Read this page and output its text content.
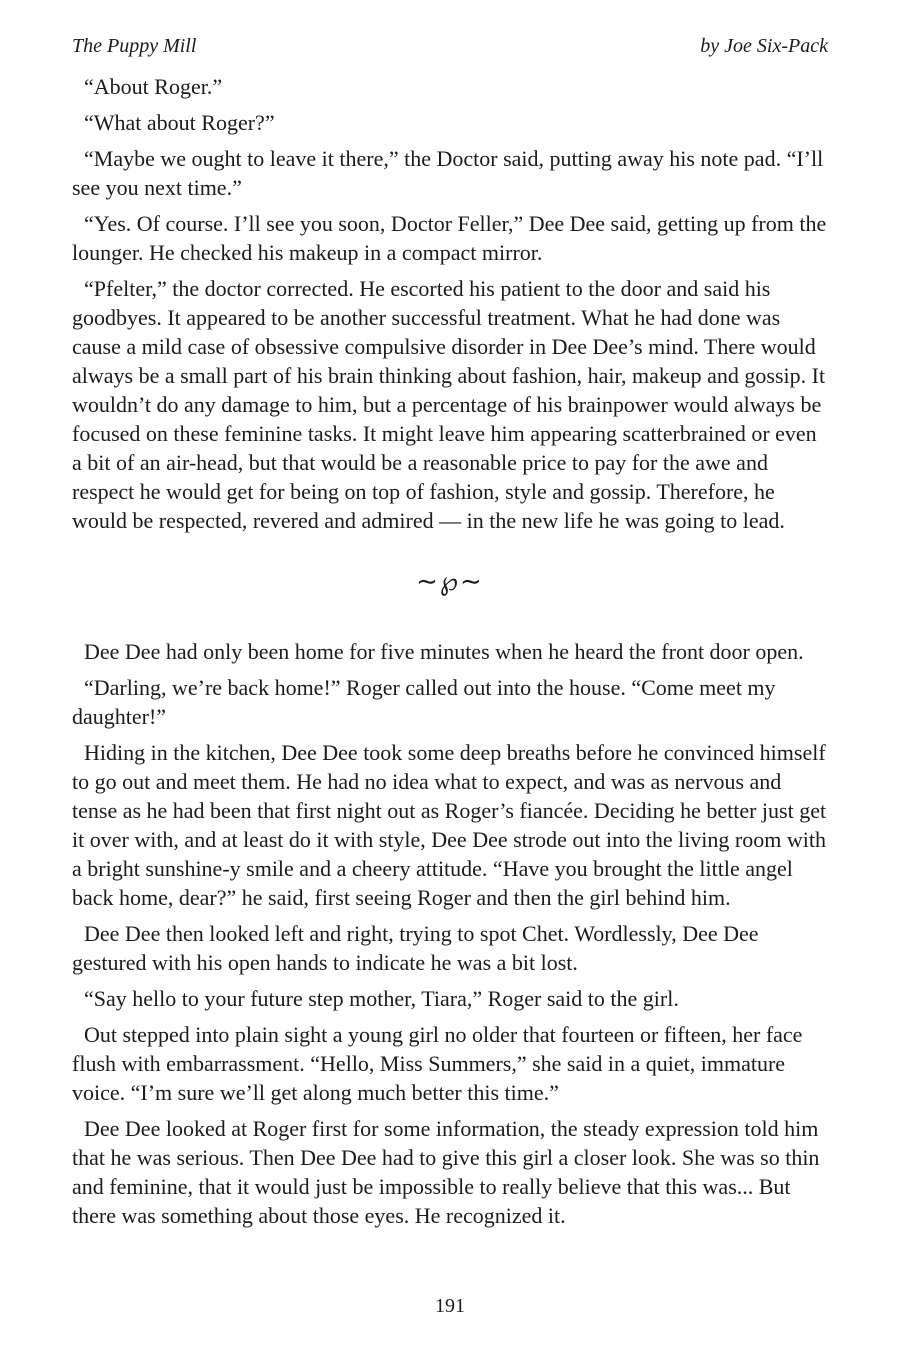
The Puppy Mill	by Joe Six-Pack

“About Roger.”

“What about Roger?”

“Maybe we ought to leave it there,” the Doctor said, putting away his note pad. “I’ll see you next time.”

“Yes. Of course. I’ll see you soon, Doctor Feller,” Dee Dee said, getting up from the lounger. He checked his makeup in a compact mirror.

“Pfelter,” the doctor corrected. He escorted his patient to the door and said his goodbyes. It appeared to be another successful treatment. What he had done was cause a mild case of obsessive compulsive disorder in Dee Dee’s mind. There would always be a small part of his brain thinking about fashion, hair, makeup and gossip. It wouldn’t do any damage to him, but a percentage of his brainpower would always be focused on these feminine tasks. It might leave him appearing scatterbrained or even a bit of an air-head, but that would be a reasonable price to pay for the awe and respect he would get for being on top of fashion, style and gossip. Therefore, he would be respected, revered and admired — in the new life he was going to lead.

∼℘∼

Dee Dee had only been home for five minutes when he heard the front door open.

“Darling, we’re back home!” Roger called out into the house. “Come meet my daughter!”

Hiding in the kitchen, Dee Dee took some deep breaths before he convinced himself to go out and meet them. He had no idea what to expect, and was as nervous and tense as he had been that first night out as Roger’s fiancée. Deciding he better just get it over with, and at least do it with style, Dee Dee strode out into the living room with a bright sunshine-y smile and a cheery attitude. “Have you brought the little angel back home, dear?” he said, first seeing Roger and then the girl behind him.

Dee Dee then looked left and right, trying to spot Chet. Wordlessly, Dee Dee gestured with his open hands to indicate he was a bit lost.

“Say hello to your future step mother, Tiara,” Roger said to the girl.

Out stepped into plain sight a young girl no older that fourteen or fifteen, her face flush with embarrassment. “Hello, Miss Summers,” she said in a quiet, immature voice. “I’m sure we’ll get along much better this time.”

Dee Dee looked at Roger first for some information, the steady expression told him that he was serious. Then Dee Dee had to give this girl a closer look. She was so thin and feminine, that it would just be impossible to really believe that this was... But there was something about those eyes. He recognized it.

191
